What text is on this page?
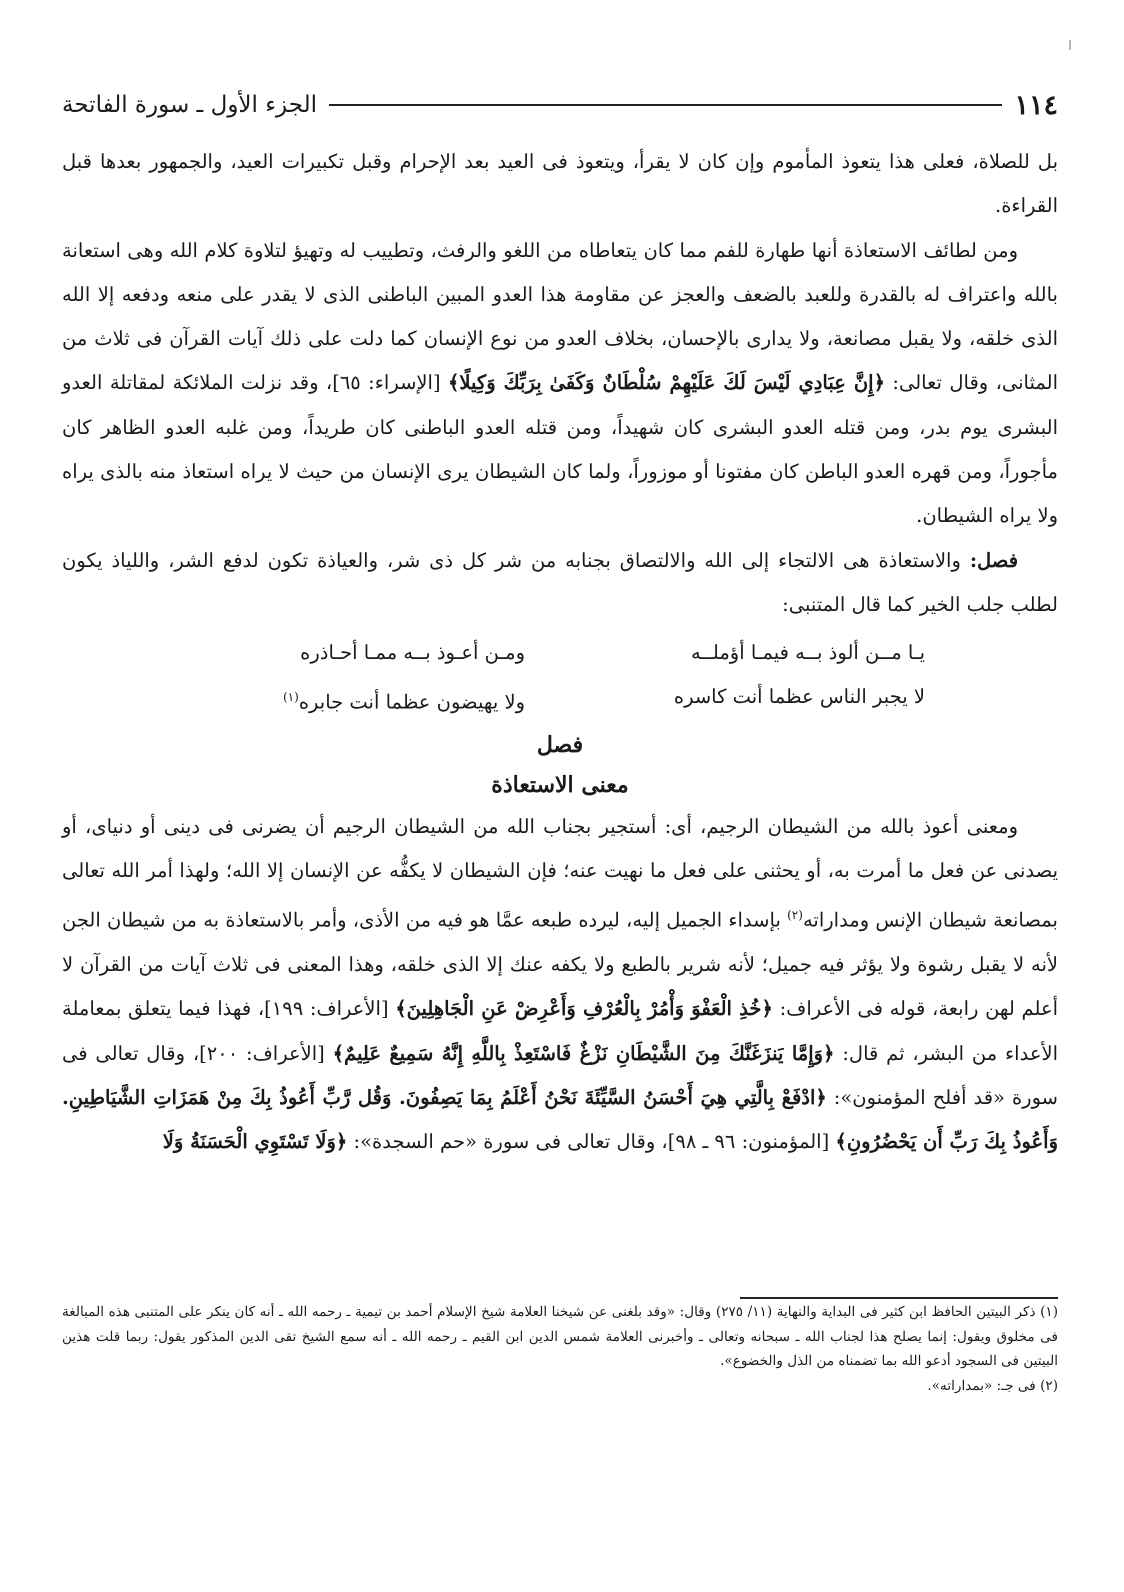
١١٤
الجزء الأول ـ سورة الفاتحة

بل للصلاة، فعلى هذا يتعوذ المأموم وإن كان لا يقرأ، ويتعوذ فى العيد بعد الإحرام وقبل تكبيرات العيد، والجمهور بعدها قبل القراءة.

ومن لطائف الاستعاذة أنها طهارة للفم مما كان يتعاطاه من اللغو والرفث، وتطييب له وتهيؤ لتلاوة كلام الله وهى استعانة بالله واعتراف له بالقدرة وللعبد بالضعف والعجز عن مقاومة هذا العدو المبين الباطنى الذى لا يقدر على منعه ودفعه إلا الله الذى خلقه، ولا يقبل مصانعة، ولا يدارى بالإحسان، بخلاف العدو من نوع الإنسان كما دلت على ذلك آيات القرآن فى ثلاث من المثانى، وقال تعالى: ﴿إِنَّ عِبَادِي لَيْسَ لَكَ عَلَيْهِمْ سُلْطَانٌ وَكَفَىٰ بِرَبِّكَ وَكِيلًا﴾ [الإسراء: ٦٥]، وقد نزلت الملائكة لمقاتلة العدو البشرى يوم بدر، ومن قتله العدو البشرى كان شهيداً، ومن قتله العدو الباطنى كان طريداً، ومن غلبه العدو الظاهر كان مأجوراً، ومن قهره العدو الباطن كان مفتونا أو موزوراً، ولما كان الشيطان يرى الإنسان من حيث لا يراه استعاذ منه بالذى يراه ولا يراه الشيطان.

فصل: والاستعاذة هى الالتجاء إلى الله والالتصاق بجنابه من شر كل ذى شر، والعياذة تكون لدفع الشر، واللياذ يكون لطلب جلب الخير كما قال المتنبى:

يـا مــن ألوذ بــه فيمـا أؤملــه
ومـن أعـوذ بــه ممـا أحـاذره
لا يجبر الناس عظما أنت كاسره
ولا يهيضون عظما أنت جابره$^{(١)}$
فصل
معنى الاستعاذة

ومعنى أعوذ بالله من الشيطان الرجيم، أى: أستجير بجناب الله من الشيطان الرجيم أن يضرنى فى دينى أو دنياى، أو يصدنى عن فعل ما أمرت به، أو يحثنى على فعل ما نهيت عنه؛ فإن الشيطان لا يكفُّه عن الإنسان إلا الله؛ ولهذا أمر الله تعالى بمصانعة شيطان الإنس ومداراته$^{(٢)}$ بإسداء الجميل إليه، ليرده طبعه عمَّا هو فيه من الأذى، وأمر بالاستعاذة به من شيطان الجن لأنه لا يقبل رشوة ولا يؤثر فيه جميل؛ لأنه شرير بالطبع ولا يكفه عنك إلا الذى خلقه، وهذا المعنى فى ثلاث آيات من القرآن لا أعلم لهن رابعة، قوله فى الأعراف: ﴿خُذِ الْعَفْوَ وَأْمُرْ بِالْعُرْفِ وَأَعْرِضْ عَنِ الْجَاهِلِينَ﴾ [الأعراف: ١٩٩]، فهذا فيما يتعلق بمعاملة الأعداء من البشر، ثم قال: ﴿وَإِمَّا يَنزَغَنَّكَ مِنَ الشَّيْطَانِ نَزْغٌ فَاسْتَعِذْ بِاللَّهِ إِنَّهُ سَمِيعٌ عَلِيمٌ﴾ [الأعراف: ٢٠٠]، وقال تعالى فى سورة «قد أفلح المؤمنون»: ﴿ادْفَعْ بِالَّتِي هِيَ أَحْسَنُ السَّيِّئَةَ نَحْنُ أَعْلَمُ بِمَا يَصِفُونَ. وَقُل رَّبِّ أَعُوذُ بِكَ مِنْ هَمَزَاتِ الشَّيَاطِينِ. وَأَعُوذُ بِكَ رَبِّ أَن يَحْضُرُونِ﴾ [المؤمنون: ٩٦ ـ ٩٨]، وقال تعالى فى سورة «حم السجدة»: ﴿وَلَا تَسْتَوِي الْحَسَنَةُ وَلَا

(١) ذكر البيتين الحافظ ابن كثير فى البداية والنهاية (١١/ ٢٧٥) وقال: «وقد بلغنى عن شيخنا العلامة شيخ الإسلام أحمد بن تيمية ـ رحمه الله ـ أنه كان ينكر على المتنبى هذه المبالغة فى مخلوق ويقول: إنما يصلح هذا لجناب الله ـ سبحانه وتعالى ـ وأخبرنى العلامة شمس الدين ابن القيم ـ رحمه الله ـ أنه سمع الشيخ تقى الدين المذكور يقول: ربما قلت هذين البيتين فى السجود أدعو الله بما تضمناه من الذل والخضوع».

(٢) فى جـ: «بمداراته».
